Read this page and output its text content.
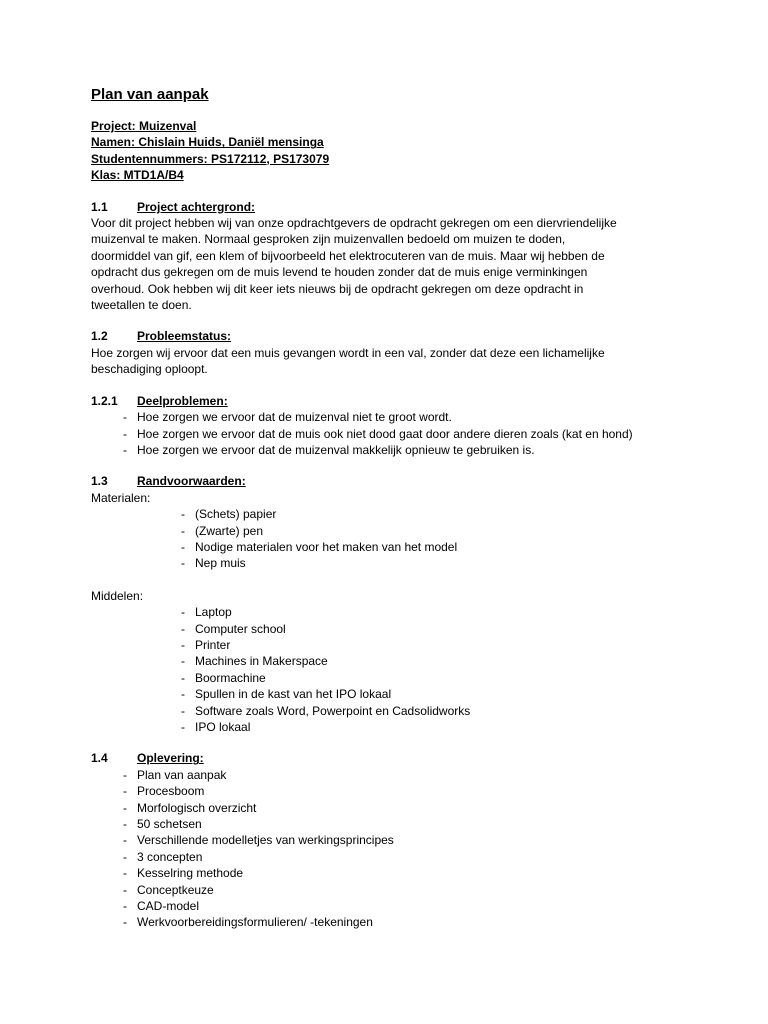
Plan van aanpak

Project: Muizenval

Namen: Chislain Huids, Daniël mensinga

Studentennummers: PS172112, PS173079

Klas: MTD1A/B4

1.1	Project achtergrond:

Voor dit project hebben wij van onze opdrachtgevers de opdracht gekregen om een diervriendelijke

muizenval te maken. Normaal gesproken zijn muizenvallen bedoeld om muizen te doden,

doormiddel van gif, een klem of bijvoorbeeld het elektrocuteren van de muis. Maar wij hebben de

opdracht dus gekregen om de muis levend te houden zonder dat de muis enige verminkingen

overhoud. Ook hebben wij dit keer iets nieuws bij de opdracht gekregen om deze opdracht in

tweetallen te doen.

1.2	Probleemstatus:

Hoe zorgen wij ervoor dat een muis gevangen wordt in een val, zonder dat deze een lichamelijke

beschadiging oploopt.

1.2.1	Deelproblemen:
- Hoe zorgen we ervoor dat de muizenval niet te groot wordt.
- Hoe zorgen we ervoor dat de muis ook niet dood gaat door andere dieren zoals (kat en hond)
- Hoe zorgen we ervoor dat de muizenval makkelijk opnieuw te gebruiken is.
1.3	Randvoorwaarden:

Materialen:

- (Schets) papier
- (Zwarte) pen
- Nodige materialen voor het maken van het model
- Nep muis

Middelen:

- Laptop
- Computer school
- Printer
- Machines in Makerspace
- Boormachine
- Spullen in de kast van het IPO lokaal
- Software zoals Word, Powerpoint en Cadsolidworks
- IPO lokaal
1.4	Oplevering:
- Plan van aanpak
- Procesboom
- Morfologisch overzicht
- 50 schetsen
- Verschillende modelletjes van werkingsprincipes
- 3 concepten
- Kesselring methode
- Conceptkeuze
- CAD-model
- Werkvoorbereidingsformulieren/ -tekeningen
